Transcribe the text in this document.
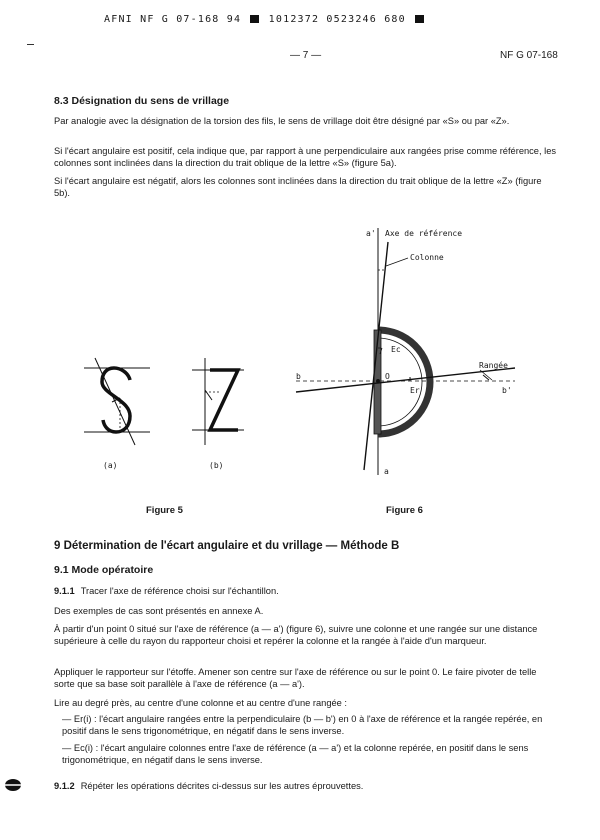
AFNI NF G 07-168 94	1012372 0523246 680
— 7 —	NF G 07-168
8.3 Désignation du sens de vrillage

Par analogie avec la désignation de la torsion des fils, le sens de vrillage doit être désigné par «S» ou par «Z».

Si l'écart angulaire est positif, cela indique que, par rapport à une perpendiculaire aux rangées prise comme référence, les colonnes sont inclinées dans la direction du trait oblique de la lettre «S» (figure 5a).

Si l'écart angulaire est négatif, alors les colonnes sont inclinées dans la direction du trait oblique de la lettre «Z» (figure 5b).

(a)	(b)
Figure 5
a' Axe de référence
Colonne
Ec
b	O
Rangée
Er	b'
a
Figure 6
9 Détermination de l'écart angulaire et du vrillage — Méthode B
9.1 Mode opératoire

9.1.1 Tracer l'axe de référence choisi sur l'échantillon.

Des exemples de cas sont présentés en annexe A.

À partir d'un point 0 situé sur l'axe de référence (a — a') (figure 6), suivre une colonne et une rangée sur une distance supérieure à celle du rayon du rapporteur choisi et repérer la colonne et la rangée à l'aide d'un marqueur.

Appliquer le rapporteur sur l'étoffe. Amener son centre sur l'axe de référence ou sur le point 0. Le faire pivoter de telle sorte que sa base soit parallèle à l'axe de référence (a — a').

Lire au degré près, au centre d'une colonne et au centre d'une rangée :

— Er(i) : l'écart angulaire rangées entre la perpendiculaire (b — b') en 0 à l'axe de référence et la rangée repérée, en positif dans le sens trigonométrique, en négatif dans le sens inverse.

— Ec(i) : l'écart angulaire colonnes entre l'axe de référence (a — a') et la colonne repérée, en positif dans le sens trigonométrique, en négatif dans le sens inverse.

9.1.2 Répéter les opérations décrites ci-dessus sur les autres éprouvettes.
